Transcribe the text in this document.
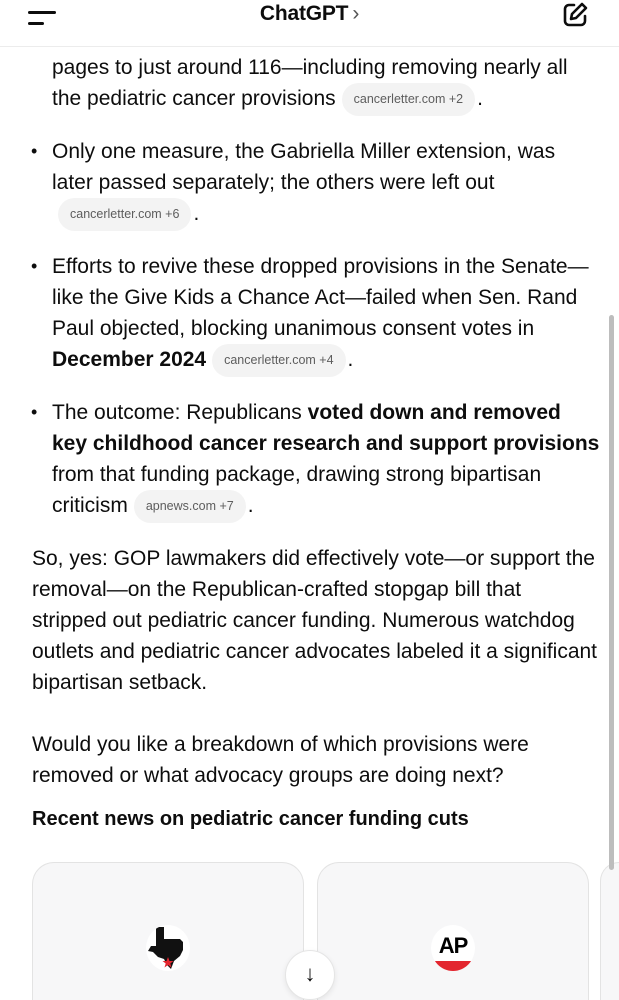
ChatGPT ›
pages to just around 116—including removing nearly all the pediatric cancer provisions cancerletter.com +2 .
• Only one measure, the Gabriella Miller extension, was later passed separately; the others were left outcancerletter.com +6 .
• Efforts to revive these dropped provisions in the Senate—like the Give Kids a Chance Act—failed when Sen. Rand Paul objected, blocking unanimous consent votes in December 2024 cancerletter.com +4 .
• The outcome: Republicans voted down and removed key childhood cancer research and support provisions from that funding package, drawing strong bipartisan criticism apnews.com +7 .

So, yes: GOP lawmakers did effectively vote—or support the removal—on the Republican-crafted stopgap bill that stripped out pediatric cancer funding. Numerous watchdog outlets and pediatric cancer advocates labeled it a significant bipartisan setback.

Would you like a breakdown of which provisions were removed or what advocacy groups are doing next?

Recent news on pediatric cancer funding cuts
AP
↓
